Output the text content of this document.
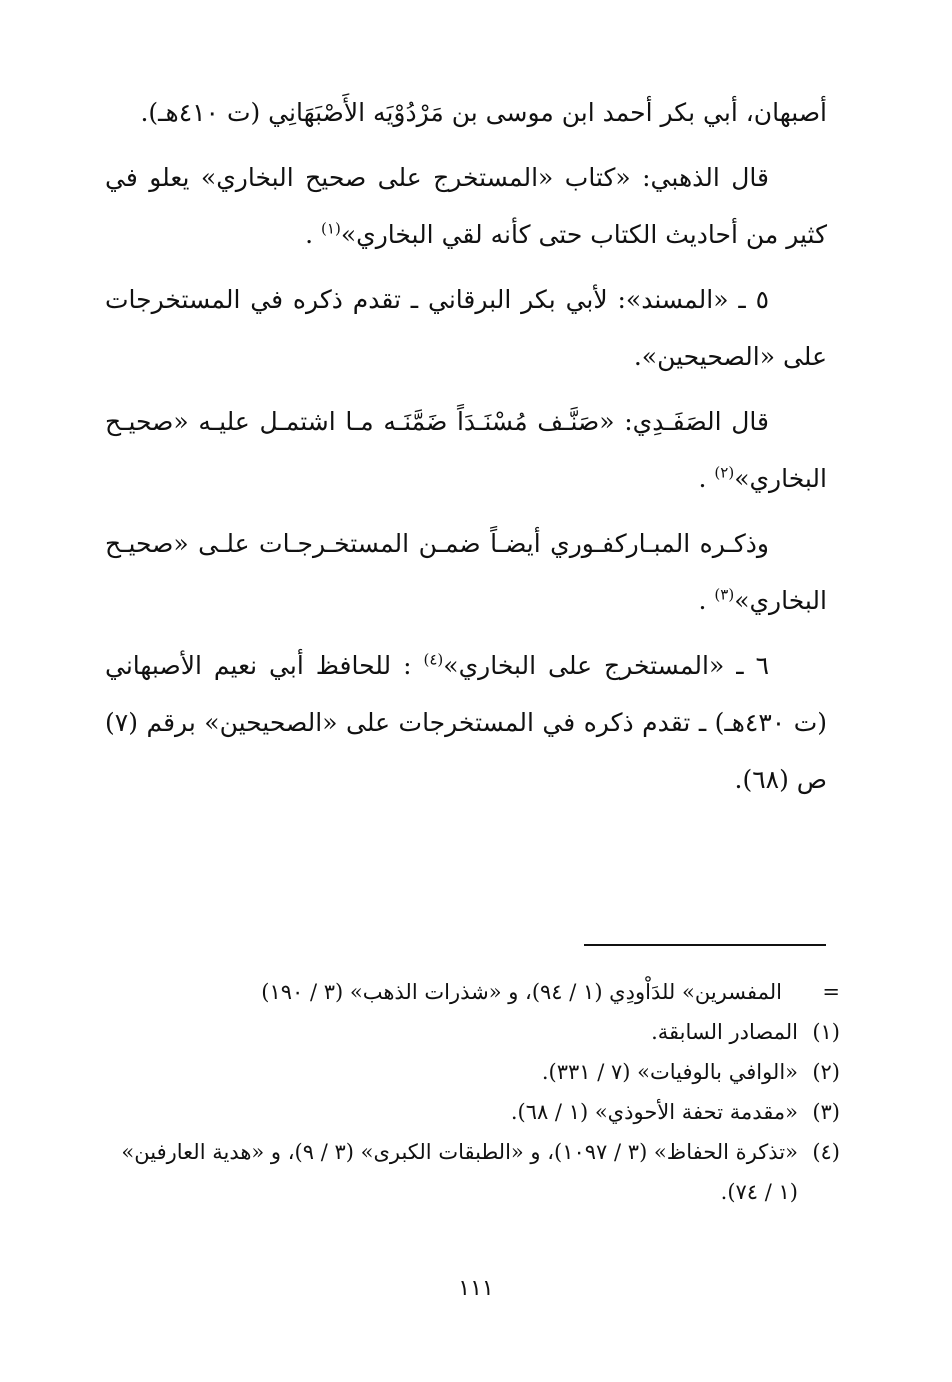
أصبهان، أبي بكر أحمد ابن موسى بن مَرْدُوْيَه الأَصْبَهَانِي (ت ٤١٠هـ).

قال الذهبي: «كتاب «المستخرج على صحيح البخاري» يعلو في كثير من أحاديث الكتاب حتى كأنه لقي البخاري»$^{(١)}$ .

٥ ـ «المسند»: لأبي بكر البرقاني ـ تقدم ذكره في المستخرجات على «الصحيحين».

قال الصَفَـدِي: «صَنَّـف مُسْنَـدَاً ضَمَّنَـه مـا اشتمـل عليـه «صحيـح البخاري»$^{(٢)}$ .

وذكـره المبـاركفـوري أيضـاً ضمـن المستخـرجـات علـى «صحيـح البخاري»$^{(٣)}$ .

٦ ـ «المستخرج على البخاري»$^{(٤)}$ : للحافظ أبي نعيم الأصبهاني (ت ٤٣٠هـ) ـ تقدم ذكره في المستخرجات على «الصحيحين» برقم (٧) ص (٦٨).

=
المفسرين» للدَاْودِي (١ / ٩٤)، و «شذرات الذهب» (٣ / ١٩٠)
(١)
المصادر السابقة.
(٢)
«الوافي بالوفيات» (٧ / ٣٣١).
(٣)
«مقدمة تحفة الأحوذي» (١ / ٦٨).
(٤)
«تذكرة الحفاظ» (٣ / ١٠٩٧)، و «الطبقات الكبرى» (٣ / ٩)، و «هدية العارفين» (١ / ٧٤).
١١١
